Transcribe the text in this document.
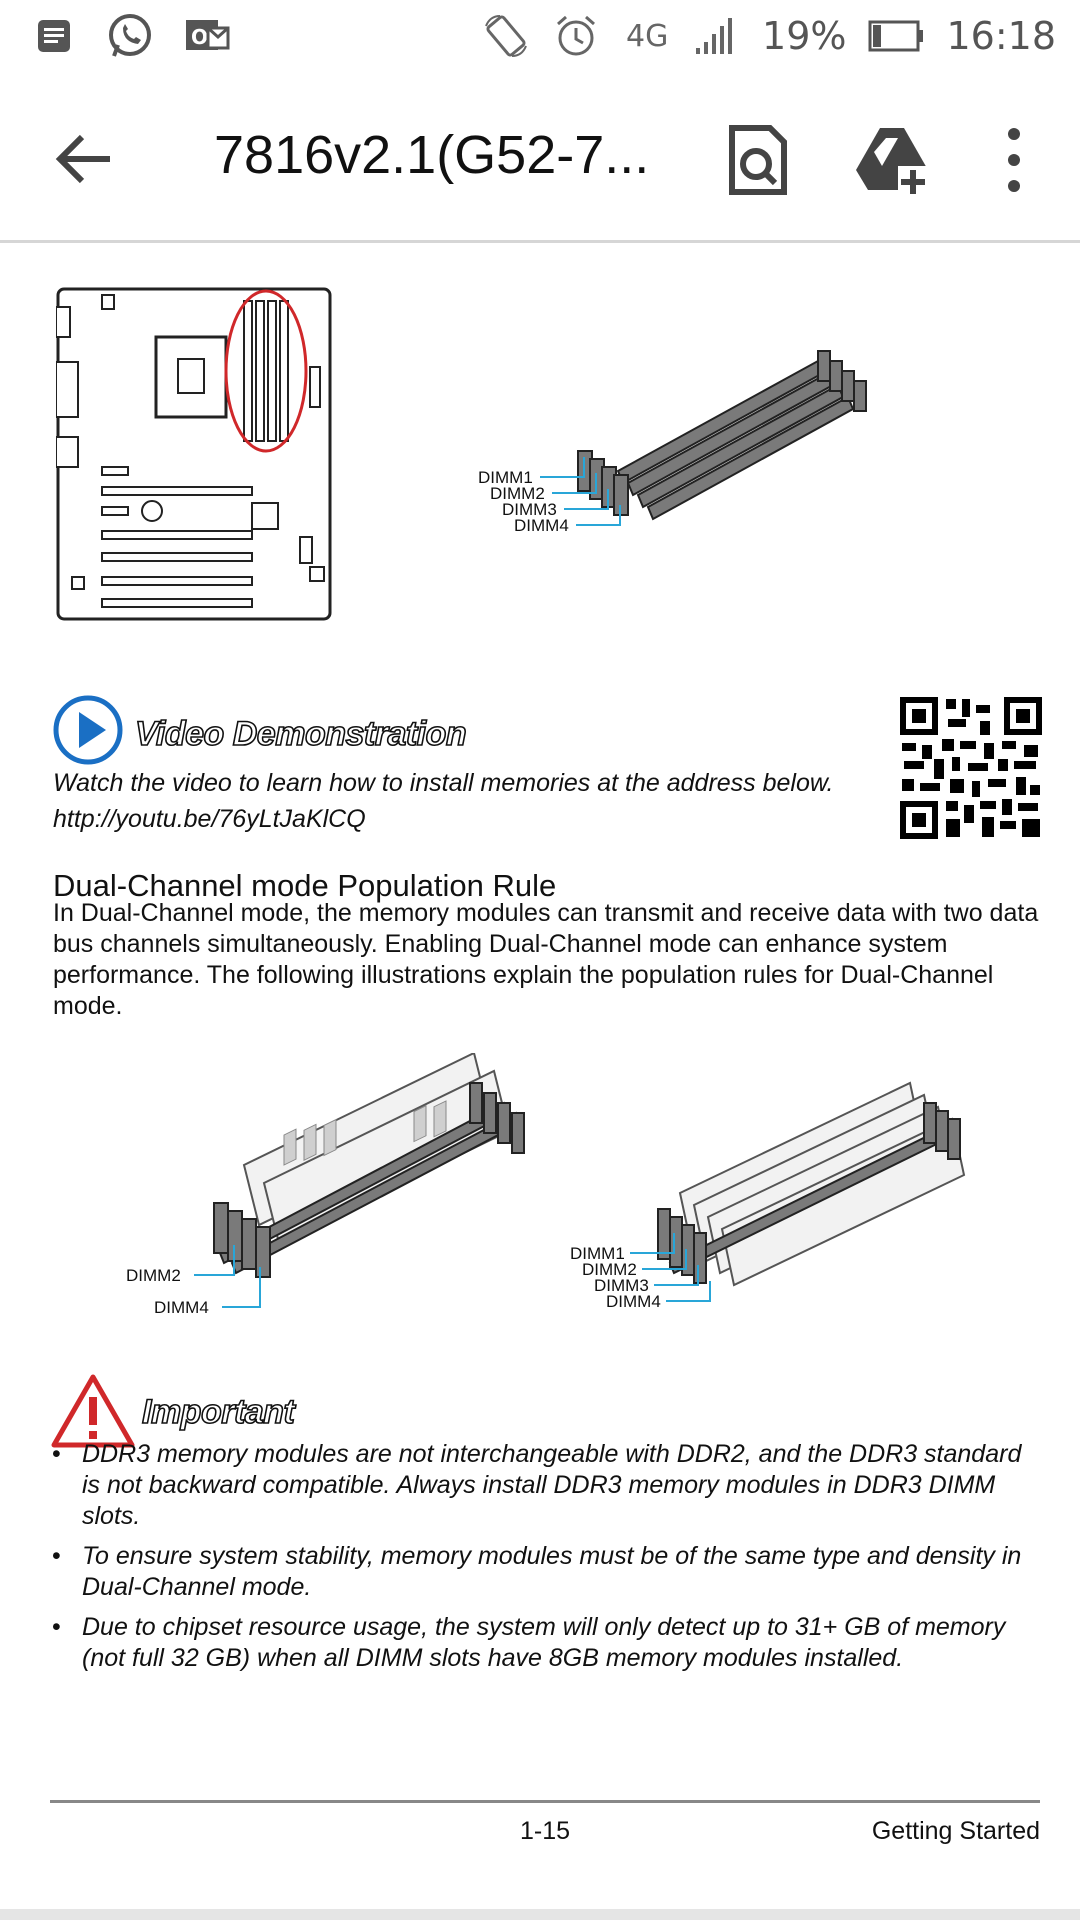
O	4G 19%	16:18
7816v2.1(G52-7...
DIMM1
DIMM2
DIMM3
DIMM4
Video Demonstration
Watch the video to learn how to install memories at the address below.
http://youtu.be/76yLtJaKlCQ
Dual-Channel mode Population Rule
In Dual-Channel mode, the memory modules can transmit and receive data with two data bus channels simultaneously. Enabling Dual-Channel mode can enhance system performance. The following illustrations explain the population rules for Dual-Channel mode.
DIMM2
DIMM4
DIMM1
DIMM2
DIMM3
DIMM4
Important
• DDR3 memory modules are not interchangeable with DDR2, and the DDR3 standard is not backward compatible. Always install DDR3 memory modules in DDR3 DIMM slots.
• To ensure system stability, memory modules must be of the same type and density in Dual-Channel mode.
• Due to chipset resource usage, the system will only detect up to 31+ GB of memory (not full 32 GB) when all DIMM slots have 8GB memory modules installed.
1-15	Getting Started
